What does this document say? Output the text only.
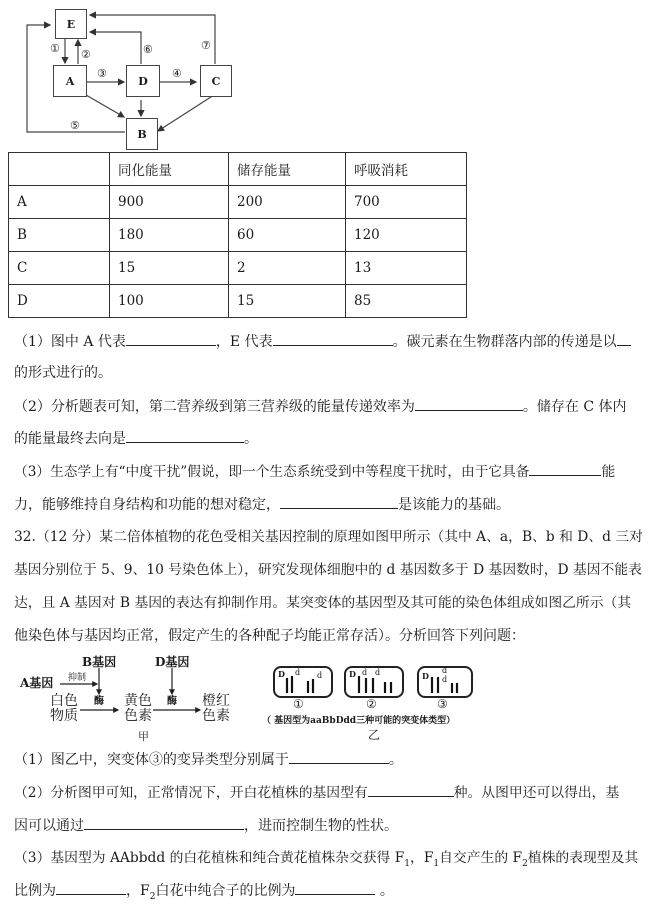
E
A	D	C
B
① ②
③	④
⑤
⑥	⑦
	同化能量	储存能量	呼吸消耗
A	900	200	700
B	180	60	120
C	15	2	13
D	100	15	85
（1）图中 A 代表	，E 代表	。碳元素在生物群落内部的传递是以
的形式进行的。
（2）分析题表可知，第二营养级到第三营养级的能量传递效率为	。储存在 C 体内
的能量最终去向是	。
（3）生态学上有“中度干扰”假说，即一个生态系统受到中等程度干扰时，由于它具备	能
力，能够维持自身结构和功能的想对稳定，	是该能力的基础。
32.（12 分）某二倍体植物的花色受相关基因控制的原理如图甲所示（其中 A、a，B、b 和 D、d 三对
基因分别位于 5、9、10 号染色体上），研究发现体细胞中的 d 基因数多于 D 基因数时，D 基因不能表
达，且 A 基因对 B 基因的表达有抑制作用。某突变体的基因型及其可能的染色体组成如图乙所示（其
他染色体与基因均正常，假定产生的各种配子均能正常存活）。分析回答下列问题：
B基因	D基因
A基因 抑制
酶	酶
白色
物质
黄色
色素
橙红
色素
甲
D d d	D d d	D
d
d
①	②	③
（ 基因型为aaBbDdd三种可能的突变体类型）
乙
（1）图乙中，突变体③的变异类型分别属于	。
（2）分析图甲可知，正常情况下，开白花植株的基因型有	种。从图甲还可以得出，基
因可以通过	，进而控制生物的性状。
（3）基因型为 AAbbdd 的白花植株和纯合黄花植株杂交获得 $F_1$，$F_1$自交产生的 $F_2$植株的表现型及其
比例为	，$F_2$白花中纯合子的比例为	。
